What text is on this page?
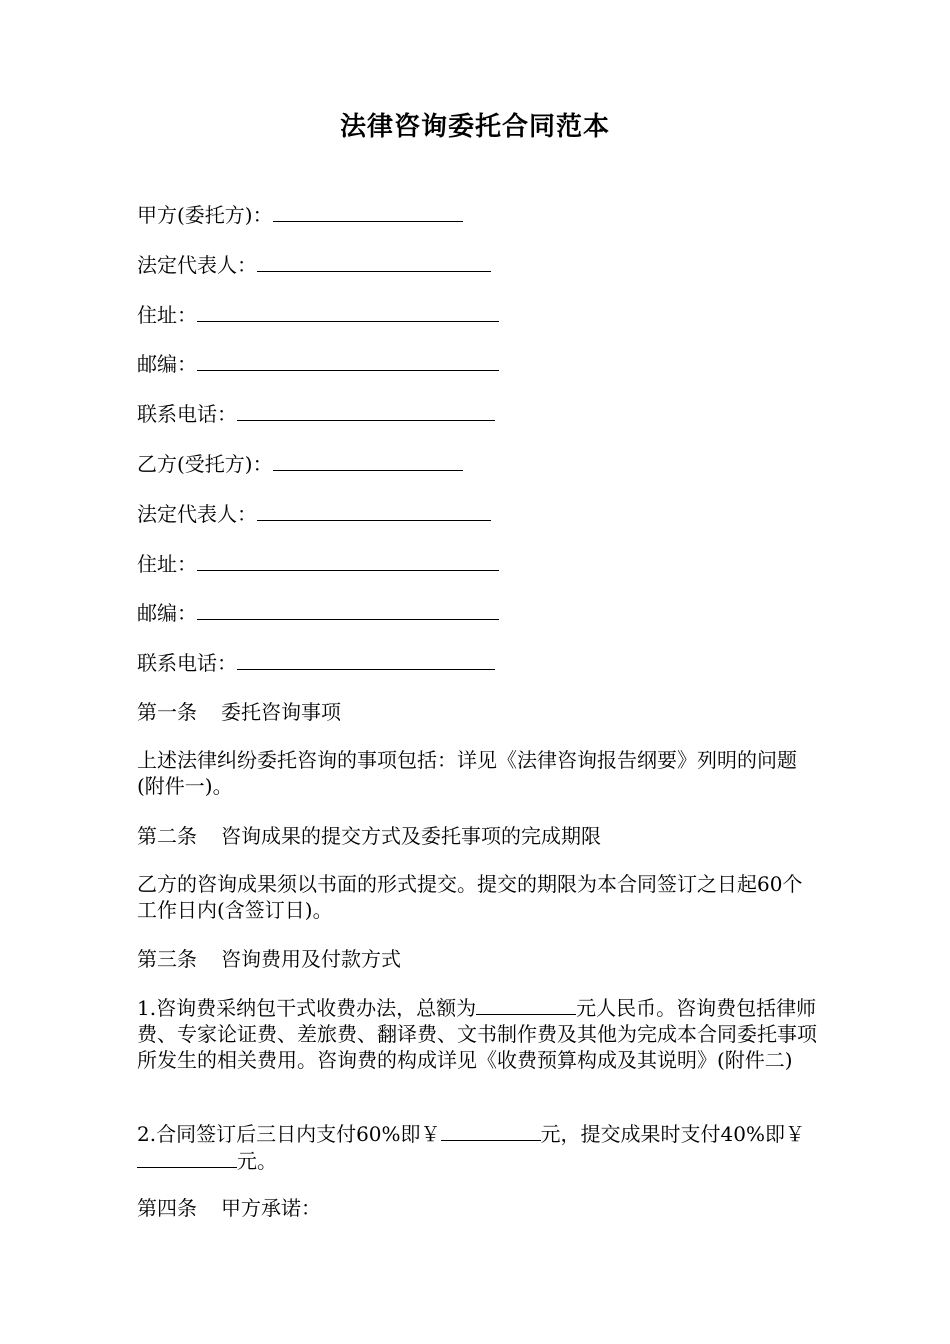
法律咨询委托合同范本
甲方(委托方)：
法定代表人：
住址：
邮编：
联系电话：
乙方(受托方)：
法定代表人：
住址：
邮编：
联系电话：
第一条 委托咨询事项
上述法律纠纷委托咨询的事项包括：详见《法律咨询报告纲要》列明的问题(附件一)。
第二条 咨询成果的提交方式及委托事项的完成期限
乙方的咨询成果须以书面的形式提交。提交的期限为本合同签订之日起60个工作日内(含签订日)。
第三条 咨询费用及付款方式
1.咨询费采纳包干式收费办法，总额为	元人民币。咨询费包括律师费、专家论证费、差旅费、翻译费、文书制作费及其他为完成本合同委托事项所发生的相关费用。咨询费的构成详见《收费预算构成及其说明》(附件二)
2.合同签订后三日内支付60%即￥	元，提交成果时支付40%即￥元。
第四条 甲方承诺：
